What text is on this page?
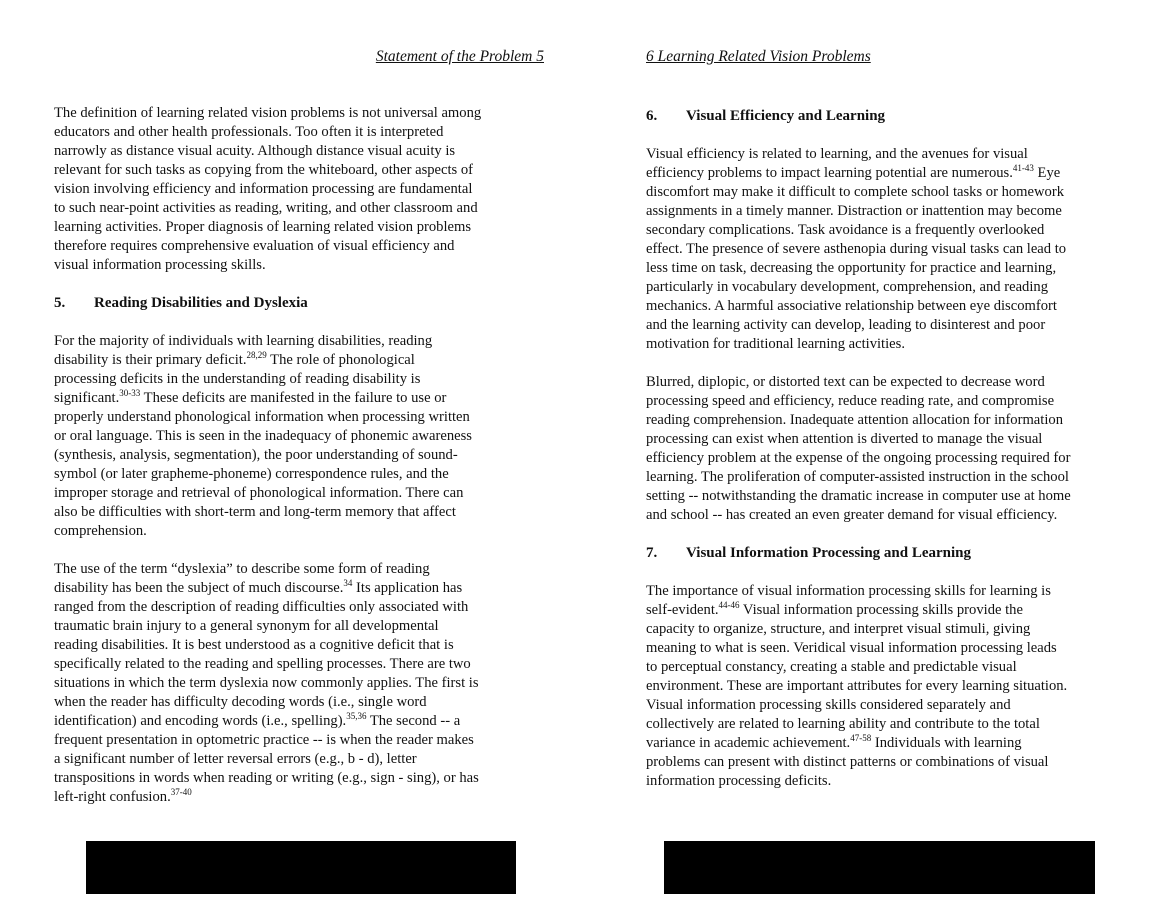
Statement of the Problem 5

The definition of learning related vision problems is not universal among
educators and other health professionals. Too often it is interpreted
narrowly as distance visual acuity. Although distance visual acuity is
relevant for such tasks as copying from the whiteboard, other aspects of
vision involving efficiency and information processing are fundamental
to such near-point activities as reading, writing, and other classroom and
learning activities. Proper diagnosis of learning related vision problems
therefore requires comprehensive evaluation of visual efficiency and
visual information processing skills.

5. Reading Disabilities and Dyslexia

For the majority of individuals with learning disabilities, reading
disability is their primary deficit.$^{28,29}$ The role of phonological
processing deficits in the understanding of reading disability is
significant.$^{30-33}$ These deficits are manifested in the failure to use or
properly understand phonological information when processing written
or oral language. This is seen in the inadequacy of phonemic awareness
(synthesis, analysis, segmentation), the poor understanding of sound-
symbol (or later grapheme-phoneme) correspondence rules, and the
improper storage and retrieval of phonological information. There can
also be difficulties with short-term and long-term memory that affect
comprehension.

The use of the term “dyslexia” to describe some form of reading
disability has been the subject of much discourse.$^{34}$ Its application has
ranged from the description of reading difficulties only associated with
traumatic brain injury to a general synonym for all developmental
reading disabilities. It is best understood as a cognitive deficit that is
specifically related to the reading and spelling processes. There are two
situations in which the term dyslexia now commonly applies. The first is
when the reader has difficulty decoding words (i.e., single word
identification) and encoding words (i.e., spelling).$^{35,36}$ The second -- a
frequent presentation in optometric practice -- is when the reader makes
a significant number of letter reversal errors (e.g., b - d), letter
transpositions in words when reading or writing (e.g., sign - sing), or has
left-right confusion.$^{37-40}$

6 Learning Related Vision Problems

6. Visual Efficiency and Learning

Visual efficiency is related to learning, and the avenues for visual
efficiency problems to impact learning potential are numerous.$^{41-43}$ Eye
discomfort may make it difficult to complete school tasks or homework
assignments in a timely manner. Distraction or inattention may become
secondary complications. Task avoidance is a frequently overlooked
effect. The presence of severe asthenopia during visual tasks can lead to
less time on task, decreasing the opportunity for practice and learning,
particularly in vocabulary development, comprehension, and reading
mechanics. A harmful associative relationship between eye discomfort
and the learning activity can develop, leading to disinterest and poor
motivation for traditional learning activities.

Blurred, diplopic, or distorted text can be expected to decrease word
processing speed and efficiency, reduce reading rate, and compromise
reading comprehension. Inadequate attention allocation for information
processing can exist when attention is diverted to manage the visual
efficiency problem at the expense of the ongoing processing required for
learning. The proliferation of computer-assisted instruction in the school
setting -- notwithstanding the dramatic increase in computer use at home
and school -- has created an even greater demand for visual efficiency.

7. Visual Information Processing and Learning

The importance of visual information processing skills for learning is
self-evident.$^{44-46}$ Visual information processing skills provide the
capacity to organize, structure, and interpret visual stimuli, giving
meaning to what is seen. Veridical visual information processing leads
to perceptual constancy, creating a stable and predictable visual
environment. These are important attributes for every learning situation.
Visual information processing skills considered separately and
collectively are related to learning ability and contribute to the total
variance in academic achievement.$^{47-58}$ Individuals with learning
problems can present with distinct patterns or combinations of visual
information processing deficits.
